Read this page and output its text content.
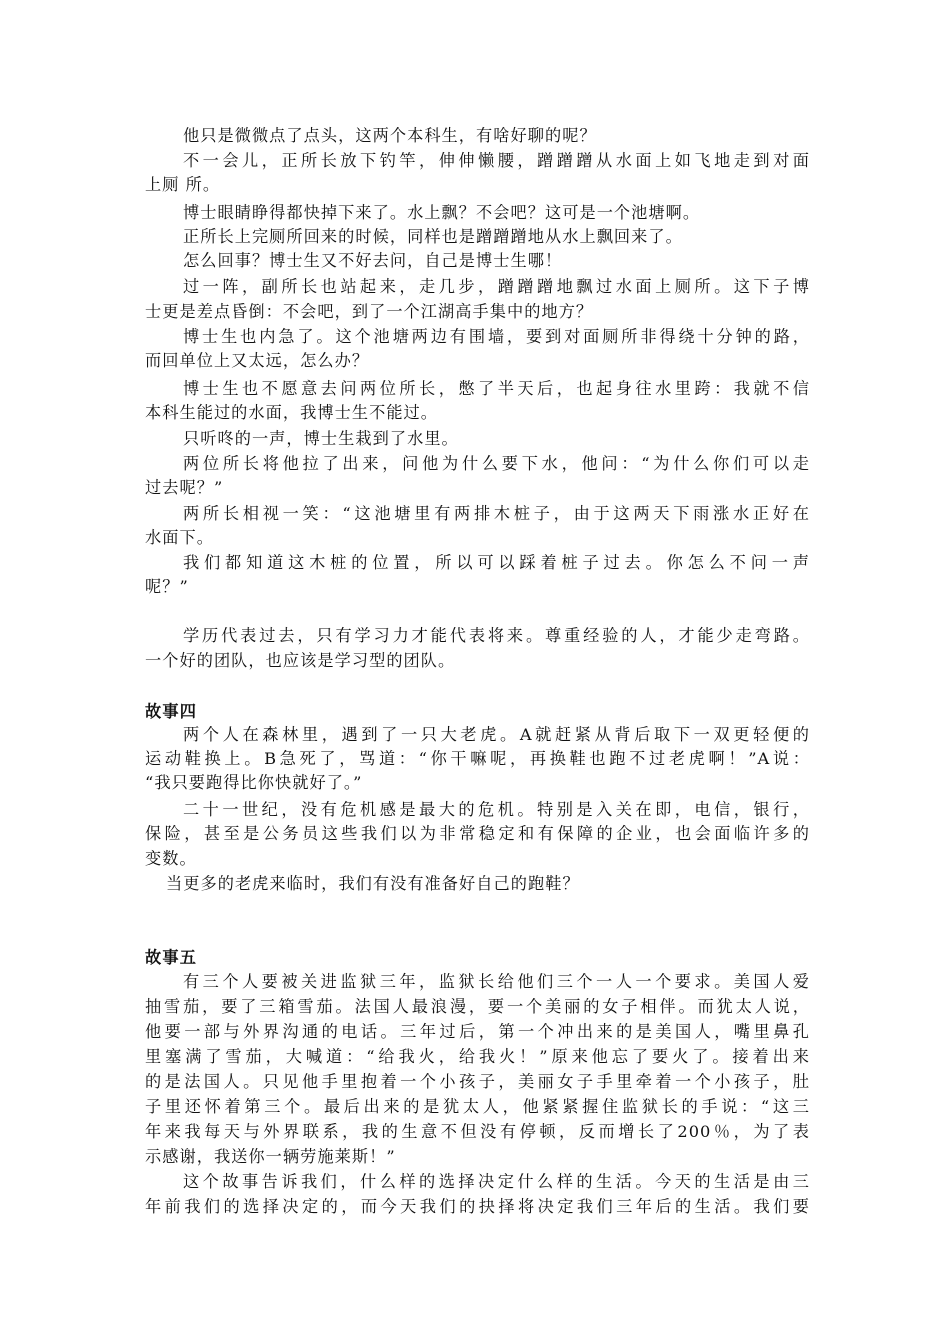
他只是微微点了点头，这两个本科生，有啥好聊的呢？

不一会儿，正所长放下钓竿，伸伸懒腰，蹭蹭蹭从水面上如飞地走到对面

上厕 所。

博士眼睛睁得都快掉下来了。水上飘？不会吧？这可是一个池塘啊。

正所长上完厕所回来的时候，同样也是蹭蹭蹭地从水上飘回来了。

怎么回事？博士生又不好去问，自己是博士生哪！

过一阵，副所长也站起来，走几步，蹭蹭蹭地飘过水面上厕所。这下子博

士更是差点昏倒：不会吧，到了一个江湖高手集中的地方？

博士生也内急了。这个池塘两边有围墙，要到对面厕所非得绕十分钟的路，

而回单位上又太远，怎么办？

博士生也不愿意去问两位所长，憋了半天后，也起身往水里跨：我就不信

本科生能过的水面，我博士生不能过。

只听咚的一声，博士生栽到了水里。

两位所长将他拉了出来，问他为什么要下水，他问：“为什么你们可以走

过去呢？”

两所长相视一笑：“这池塘里有两排木桩子，由于这两天下雨涨水正好在

水面下。

我们都知道这木桩的位置，所以可以踩着桩子过去。你怎么不问一声

呢？”

学历代表过去，只有学习力才能代表将来。尊重经验的人，才能少走弯路。

一个好的团队，也应该是学习型的团队。

故事四

两个人在森林里，遇到了一只大老虎。A就赶紧从背后取下一双更轻便的

运动鞋换上。B急死了，骂道：“你干嘛呢，再换鞋也跑不过老虎啊！”A说：

“我只要跑得比你快就好了。”

二十一世纪，没有危机感是最大的危机。特别是入关在即，电信，银行，

保险，甚至是公务员这些我们以为非常稳定和有保障的企业，也会面临许多的

变数。

当更多的老虎来临时，我们有没有准备好自己的跑鞋？

故事五

有三个人要被关进监狱三年，监狱长给他们三个一人一个要求。美国人爱

抽雪茄，要了三箱雪茄。法国人最浪漫，要一个美丽的女子相伴。而犹太人说，

他要一部与外界沟通的电话。三年过后，第一个冲出来的是美国人，嘴里鼻孔

里塞满了雪茄，大喊道：“给我火，给我火！”原来他忘了要火了。接着出来

的是法国人。只见他手里抱着一个小孩子，美丽女子手里牵着一个小孩子，肚

子里还怀着第三个。最后出来的是犹太人，他紧紧握住监狱长的手说：“这三

年来我每天与外界联系，我的生意不但没有停顿，反而增长了200％，为了表

示感谢，我送你一辆劳施莱斯！”

这个故事告诉我们，什么样的选择决定什么样的生活。今天的生活是由三

年前我们的选择决定的，而今天我们的抉择将决定我们三年后的生活。我们要
